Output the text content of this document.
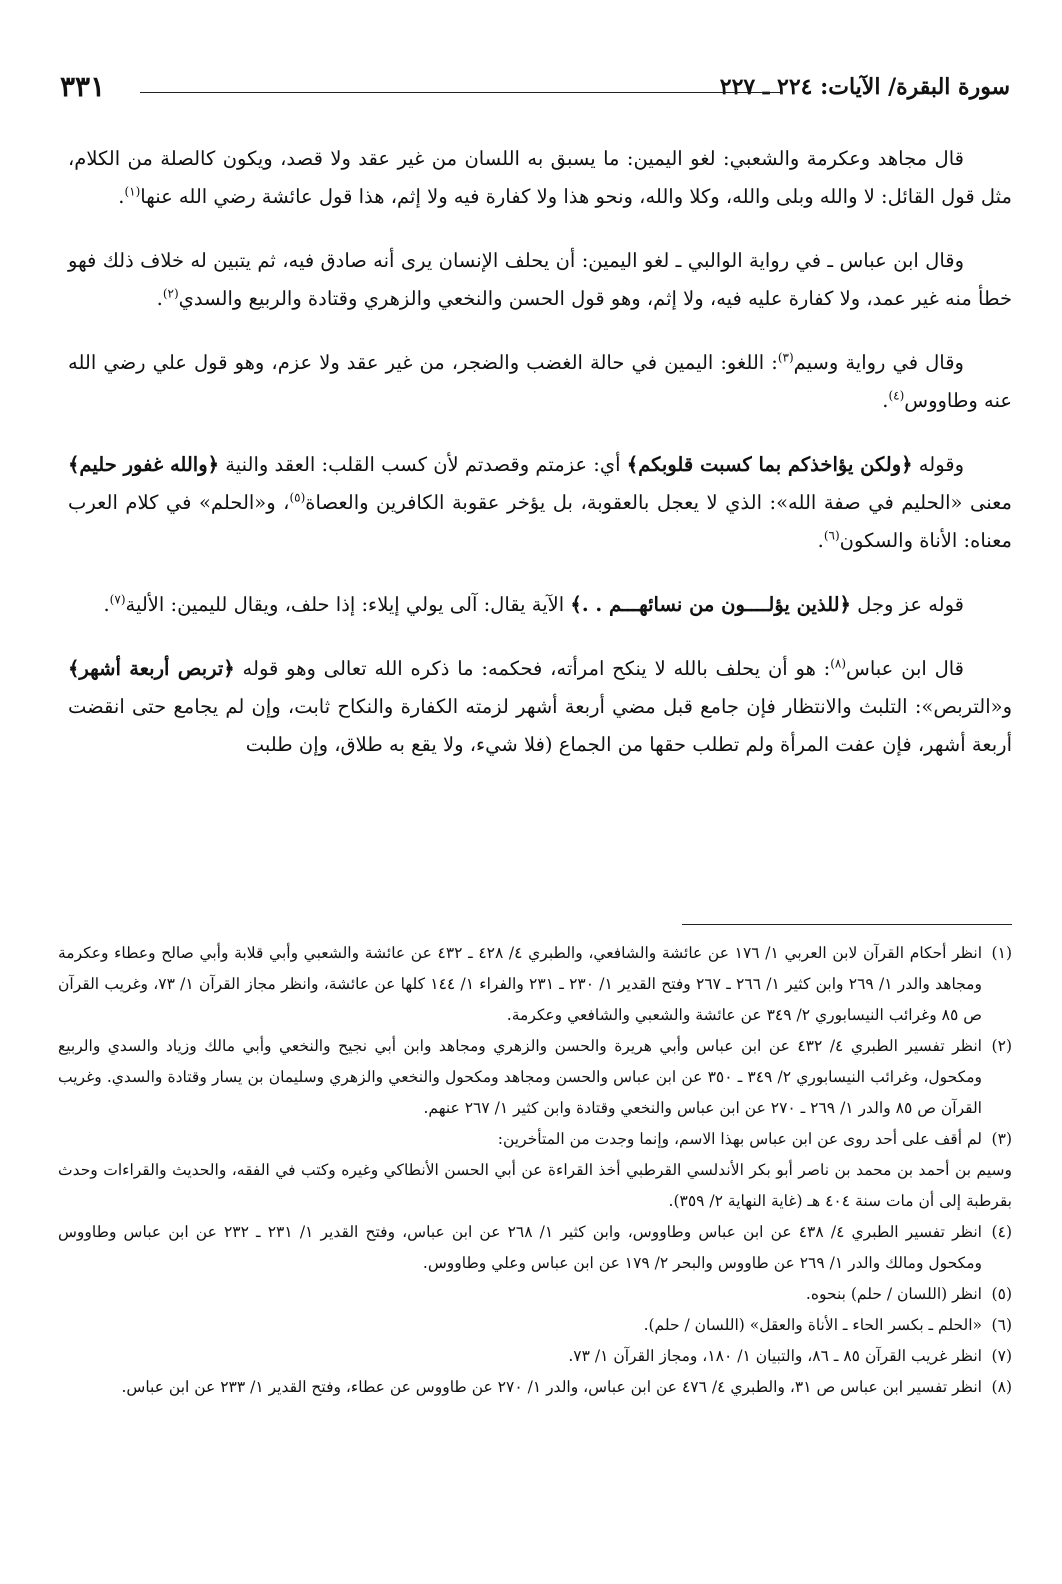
سورة البقرة/ الآيات: ٢٢٤ ـ ٢٢٧
٣٣١

قال مجاهد وعكرمة والشعبي: لغو اليمين: ما يسبق به اللسان من غير عقد ولا قصد، ويكون كالصلة من الكلام، مثل قول القائل: لا والله وبلى والله، وكلا والله، ونحو هذا ولا كفارة فيه ولا إثم، هذا قول عائشة رضي الله عنها$^{(١)}$.

وقال ابن عباس ـ في رواية الوالبي ـ لغو اليمين: أن يحلف الإنسان يرى أنه صادق فيه، ثم يتبين له خلاف ذلك فهو خطأ منه غير عمد، ولا كفارة عليه فيه، ولا إثم، وهو قول الحسن والنخعي والزهري وقتادة والربيع والسدي$^{(٢)}$.

وقال في رواية وسيم$^{(٣)}$: اللغو: اليمين في حالة الغضب والضجر، من غير عقد ولا عزم، وهو قول علي رضي الله عنه وطاووس$^{(٤)}$.

وقوله ﴿ولكن يؤاخذكم بما كسبت قلوبكم﴾ أي: عزمتم وقصدتم لأن كسب القلب: العقد والنية ﴿والله غفور حليم﴾ معنى «الحليم في صفة الله»: الذي لا يعجل بالعقوبة، بل يؤخر عقوبة الكافرين والعصاة$^{(٥)}$، و«الحلم» في كلام العرب معناه: الأناة والسكون$^{(٦)}$.

قوله عز وجل ﴿للذين يؤلــــون من نسائهـــم . .﴾ الآية يقال: آلى يولي إيلاء: إذا حلف، ويقال لليمين: الألية$^{(٧)}$.

قال ابن عباس$^{(٨)}$: هو أن يحلف بالله لا ينكح امرأته، فحكمه: ما ذكره الله تعالى وهو قوله ﴿تربص أربعة أشهر﴾ و«التربص»: التلبث والانتظار فإن جامع قبل مضي أربعة أشهر لزمته الكفارة والنكاح ثابت، وإن لم يجامع حتى انقضت أربعة أشهر، فإن عفت المرأة ولم تطلب حقها من الجماع (فلا شيء، ولا يقع به طلاق، وإن طلبت

(١)
انظر أحكام القرآن لابن العربي ١/ ١٧٦ عن عائشة والشافعي، والطبري ٤/ ٤٢٨ ـ ٤٣٢ عن عائشة والشعبي وأبي قلابة وأبي صالح وعطاء وعكرمة ومجاهد والدر ١/ ٢٦٩ وابن كثير ١/ ٢٦٦ ـ ٢٦٧ وفتح القدير ١/ ٢٣٠ ـ ٢٣١ والفراء ١/ ١٤٤ كلها عن عائشة، وانظر مجاز القرآن ١/ ٧٣، وغريب القرآن ص ٨٥ وغرائب النيسابوري ٢/ ٣٤٩ عن عائشة والشعبي والشافعي وعكرمة.
(٢)
انظر تفسير الطبري ٤/ ٤٣٢ عن ابن عباس وأبي هريرة والحسن والزهري ومجاهد وابن أبي نجيح والنخعي وأبي مالك وزياد والسدي والربيع ومكحول، وغرائب النيسابوري ٢/ ٣٤٩ ـ ٣٥٠ عن ابن عباس والحسن ومجاهد ومكحول والنخعي والزهري وسليمان بن يسار وقتادة والسدي. وغريب القرآن ص ٨٥ والدر ١/ ٢٦٩ ـ ٢٧٠ عن ابن عباس والنخعي وقتادة وابن كثير ١/ ٢٦٧ عنهم.
(٣)
لم أقف على أحد روى عن ابن عباس بهذا الاسم، وإنما وجدت من المتأخرين:
وسيم بن أحمد بن محمد بن ناصر أبو بكر الأندلسي القرطبي أخذ القراءة عن أبي الحسن الأنطاكي وغيره وكتب في الفقه، والحديث والقراءات وحدث بقرطبة إلى أن مات سنة ٤٠٤ هـ (غاية النهاية ٢/ ٣٥٩).
(٤)
انظر تفسير الطبري ٤/ ٤٣٨ عن ابن عباس وطاووس، وابن كثير ١/ ٢٦٨ عن ابن عباس، وفتح القدير ١/ ٢٣١ ـ ٢٣٢ عن ابن عباس وطاووس ومكحول ومالك والدر ١/ ٢٦٩ عن طاووس والبحر ٢/ ١٧٩ عن ابن عباس وعلي وطاووس.
(٥)
انظر (اللسان / حلم) بنحوه.
(٦)
«الحلم ـ بكسر الحاء ـ الأناة والعقل» (اللسان / حلم).
(٧)
انظر غريب القرآن ٨٥ ـ ٨٦، والتبيان ١/ ١٨٠، ومجاز القرآن ١/ ٧٣.
(٨)
انظر تفسير ابن عباس ص ٣١، والطبري ٤/ ٤٧٦ عن ابن عباس، والدر ١/ ٢٧٠ عن طاووس عن عطاء، وفتح القدير ١/ ٢٣٣ عن ابن عباس.
